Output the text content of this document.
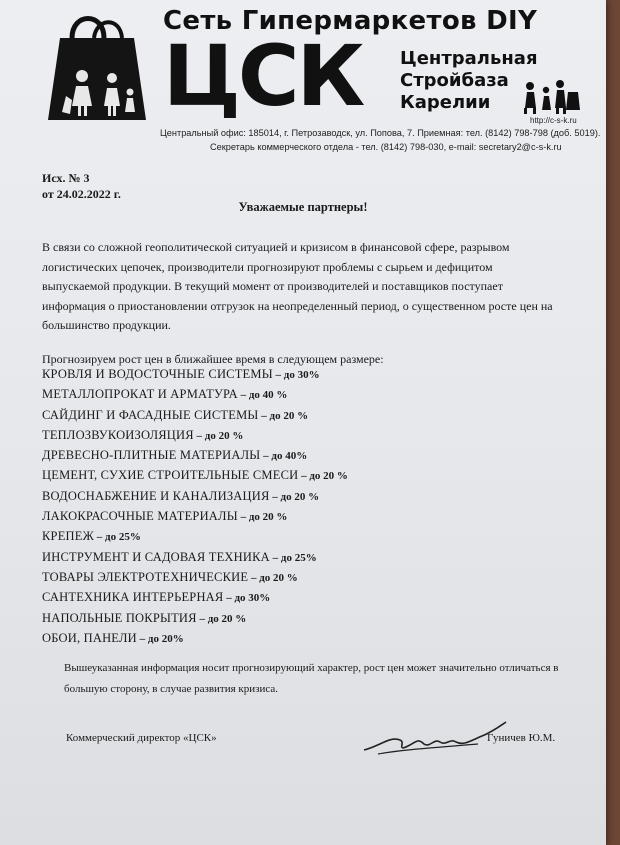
Сеть Гипермаркетов DIY
ЦСК Центральная
Стройбаза
Карелии
http://c-s-k.ru
Центральный офис: 185014, г. Петрозаводск, ул. Попова, 7. Приемная: тел. (8142) 798-798 (доб. 5019).
Секретарь коммерческого отдела - тел. (8142) 798-030, e-mail: secretary2@c-s-k.ru
Исх. № 3
от 24.02.2022 г.
Уважаемые партнеры!
В связи со сложной геополитической ситуацией и кризисом в финансовой сфере, разрывом логистических цепочек, производители прогнозируют проблемы с сырьем и дефицитом выпускаемой продукции. В текущий момент от производителей и поставщиков поступает информация о приостановлении отгрузок на неопределенный период, о существенном росте цен на большинство продукции.
Прогнозируем рост цен в ближайшее время в следующем размере:
КРОВЛЯ И ВОДОСТОЧНЫЕ СИСТЕМЫ – до 30%
МЕТАЛЛОПРОКАТ И АРМАТУРА – до 40 %
САЙДИНГ И ФАСАДНЫЕ СИСТЕМЫ – до 20 %
ТЕПЛОЗВУКОИЗОЛЯЦИЯ – до 20 %
ДРЕВЕСНО-ПЛИТНЫЕ МАТЕРИАЛЫ – до 40%
ЦЕМЕНТ, СУХИЕ СТРОИТЕЛЬНЫЕ СМЕСИ – до 20 %
ВОДОСНАБЖЕНИЕ И КАНАЛИЗАЦИЯ – до 20 %
ЛАКОКРАСОЧНЫЕ МАТЕРИАЛЫ – до 20 %
КРЕПЕЖ – до 25%
ИНСТРУМЕНТ И САДОВАЯ ТЕХНИКА – до 25%
ТОВАРЫ ЭЛЕКТРОТЕХНИЧЕСКИЕ – до 20 %
САНТЕХНИКА ИНТЕРЬЕРНАЯ – до 30%
НАПОЛЬНЫЕ ПОКРЫТИЯ – до 20 %
ОБОИ, ПАНЕЛИ – до 20%
Вышеуказанная информация носит прогнозирующий характер, рост цен может значительно отличаться в большую сторону, в случае развития кризиса.
Коммерческий директор «ЦСК»	Гуничев Ю.М.
